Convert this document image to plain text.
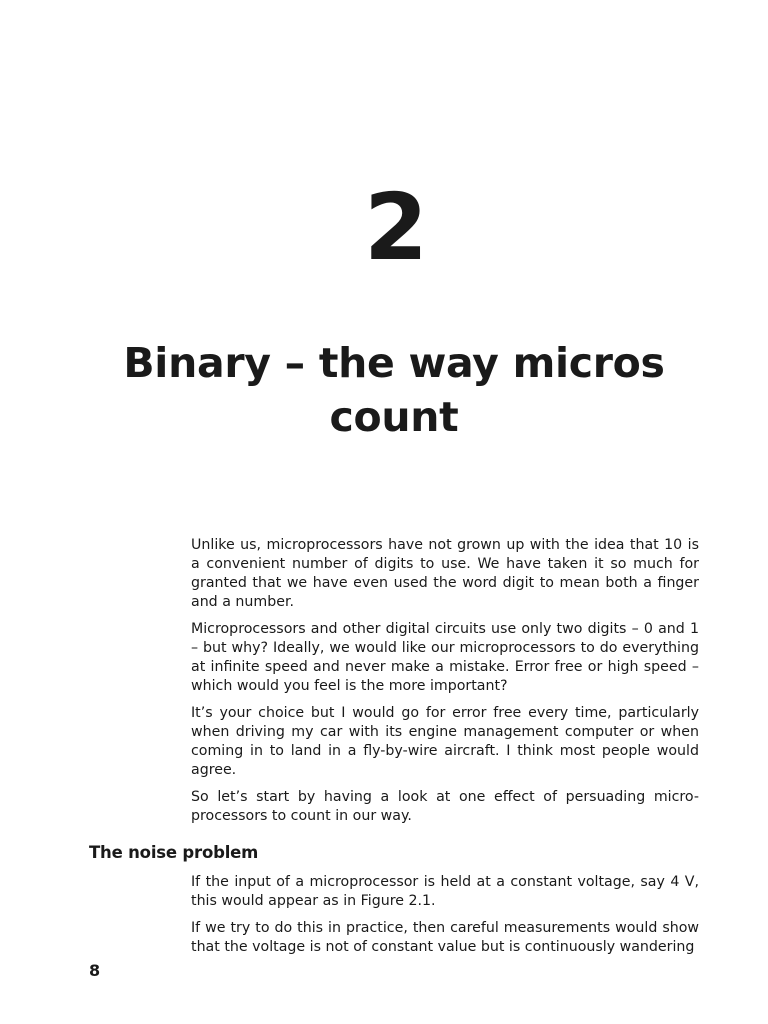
2
Binary – the way micros count

Unlike us, microprocessors have not grown up with the idea that 10 is a convenient number of digits to use. We have taken it so much for granted that we have even used the word digit to mean both a finger and a number.

Microprocessors and other digital circuits use only two digits – 0 and 1 – but why? Ideally, we would like our microprocessors to do everything at infinite speed and never make a mistake. Error free or high speed – which would you feel is the more important?

It’s your choice but I would go for error free every time, particularly when driving my car with its engine management computer or when coming in to land in a fly-by-wire aircraft. I think most people would agree.

So let’s start by having a look at one effect of persuading micro-processors to count in our way.

The noise problem

If the input of a microprocessor is held at a constant voltage, say 4 V, this would appear as in Figure 2.1.

If we try to do this in practice, then careful measurements would show that the voltage is not of constant value but is continuously wandering

8
